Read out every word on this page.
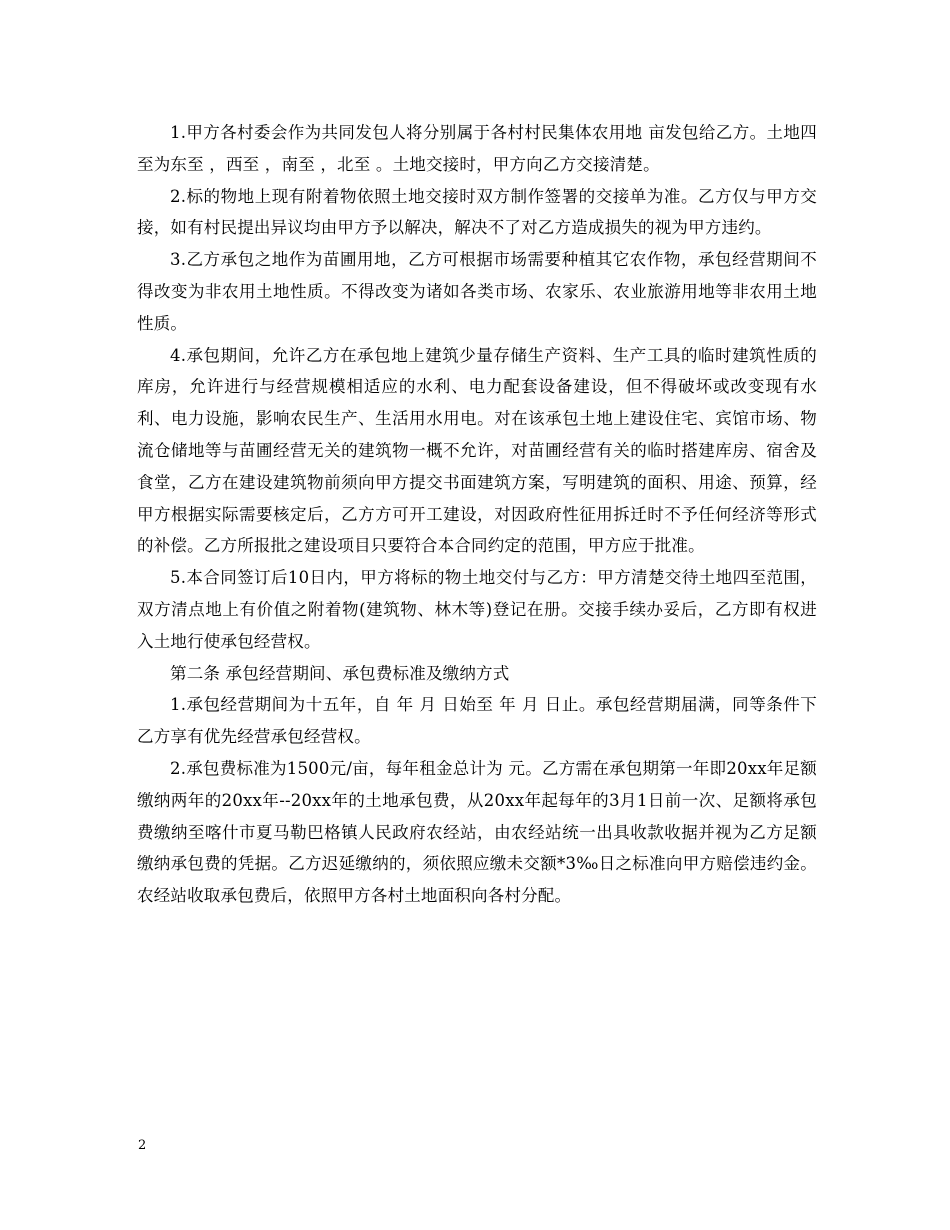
1.甲方各村委会作为共同发包人将分别属于各村村民集体农用地 亩发包给乙方。土地四至为东至 ，西至 ，南至 ，北至 。土地交接时，甲方向乙方交接清楚。

2.标的物地上现有附着物依照土地交接时双方制作签署的交接单为准。乙方仅与甲方交接，如有村民提出异议均由甲方予以解决，解决不了对乙方造成损失的视为甲方违约。

3.乙方承包之地作为苗圃用地，乙方可根据市场需要种植其它农作物，承包经营期间不得改变为非农用土地性质。不得改变为诸如各类市场、农家乐、农业旅游用地等非农用土地性质。

4.承包期间，允许乙方在承包地上建筑少量存储生产资料、生产工具的临时建筑性质的库房，允许进行与经营规模相适应的水利、电力配套设备建设，但不得破坏或改变现有水利、电力设施，影响农民生产、生活用水用电。对在该承包土地上建设住宅、宾馆市场、物流仓储地等与苗圃经营无关的建筑物一概不允许，对苗圃经营有关的临时搭建库房、宿舍及食堂，乙方在建设建筑物前须向甲方提交书面建筑方案，写明建筑的面积、用途、预算，经甲方根据实际需要核定后，乙方方可开工建设，对因政府性征用拆迁时不予任何经济等形式的补偿。乙方所报批之建设项目只要符合本合同约定的范围，甲方应于批准。

5.本合同签订后10日内，甲方将标的物土地交付与乙方：甲方清楚交待土地四至范围，双方清点地上有价值之附着物(建筑物、林木等)登记在册。交接手续办妥后，乙方即有权进入土地行使承包经营权。

第二条 承包经营期间、承包费标准及缴纳方式

1.承包经营期间为十五年，自 年 月 日始至 年 月 日止。承包经营期届满，同等条件下乙方享有优先经营承包经营权。

2.承包费标准为1500元/亩，每年租金总计为 元。乙方需在承包期第一年即20xx年足额缴纳两年的20xx年--20xx年的土地承包费，从20xx年起每年的3月1日前一次、足额将承包费缴纳至喀什市夏马勒巴格镇人民政府农经站，由农经站统一出具收款收据并视为乙方足额缴纳承包费的凭据。乙方迟延缴纳的，须依照应缴未交额*3‰日之标准向甲方赔偿违约金。农经站收取承包费后，依照甲方各村土地面积向各村分配。

2
